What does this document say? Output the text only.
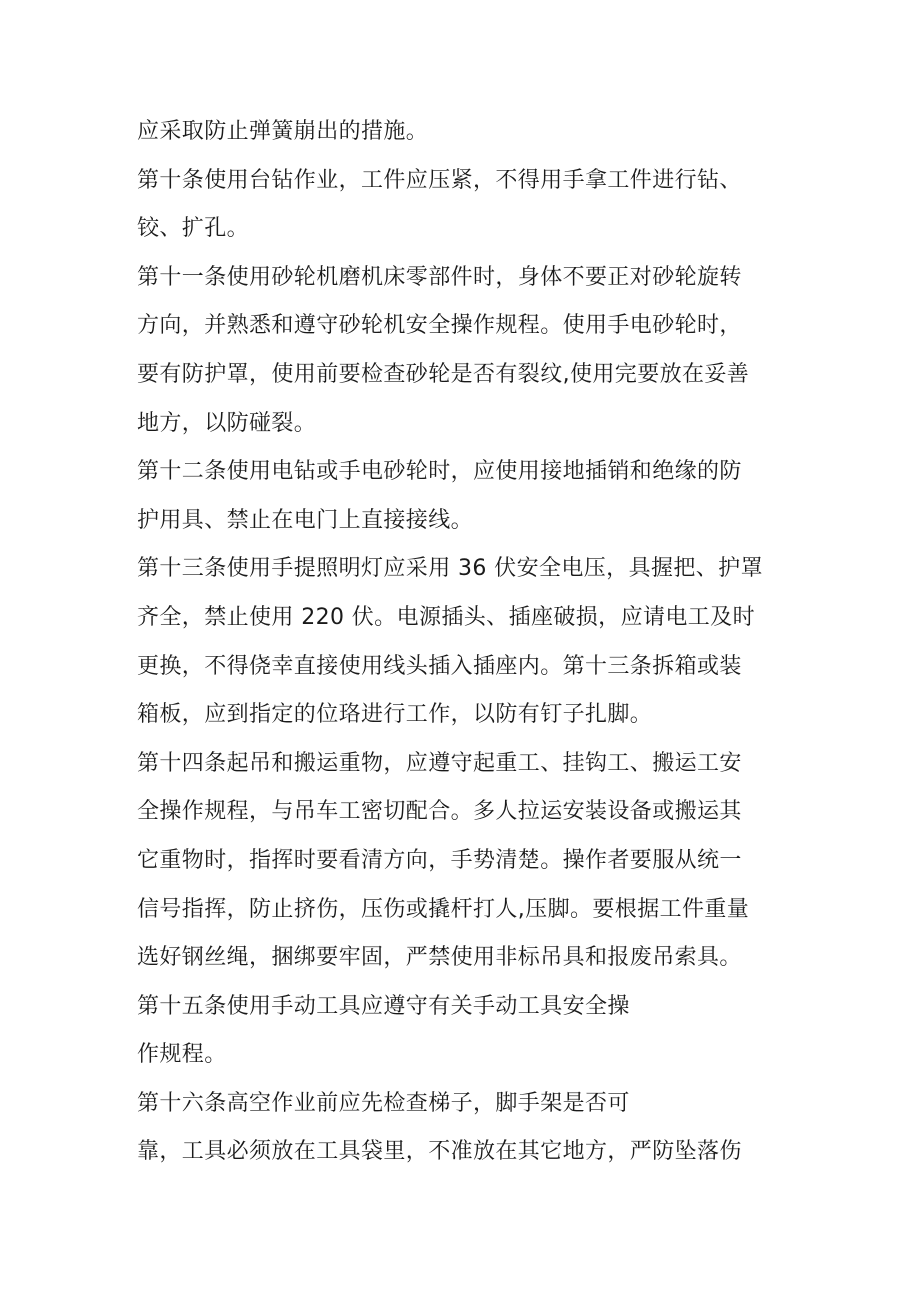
应采取防止弹簧崩出的措施。
第十条使用台钻作业，工件应压紧，不得用手拿工件进行钻、
铰、扩孔。
第十一条使用砂轮机磨机床零部件时，身体不要正对砂轮旋转
方向，并熟悉和遵守砂轮机安全操作规程。使用手电砂轮时，
要有防护罩，使用前要检查砂轮是否有裂纹,使用完要放在妥善
地方，以防碰裂。
第十二条使用电钻或手电砂轮时，应使用接地插销和绝缘的防
护用具、禁止在电门上直接接线。
第十三条使用手提照明灯应采用 36 伏安全电压，具握把、护罩
齐全，禁止使用 220 伏。电源插头、插座破损，应请电工及时
更换，不得侥幸直接使用线头插入插座内。第十三条拆箱或装
箱板，应到指定的位珞进行工作，以防有钉子扎脚。
第十四条起吊和搬运重物，应遵守起重工、挂钩工、搬运工安
全操作规程，与吊车工密切配合。多人拉运安装设备或搬运其
它重物时，指挥时要看清方向，手势清楚。操作者要服从统一
信号指挥，防止挤伤，压伤或撬杆打人,压脚。要根据工件重量
选好钢丝绳，捆绑要牢固，严禁使用非标吊具和报废吊索具。
第十五条使用手动工具应遵守有关手动工具安全操
作规程。
第十六条高空作业前应先检查梯子，脚手架是否可
靠，工具必须放在工具袋里，不准放在其它地方，严防坠落伤
